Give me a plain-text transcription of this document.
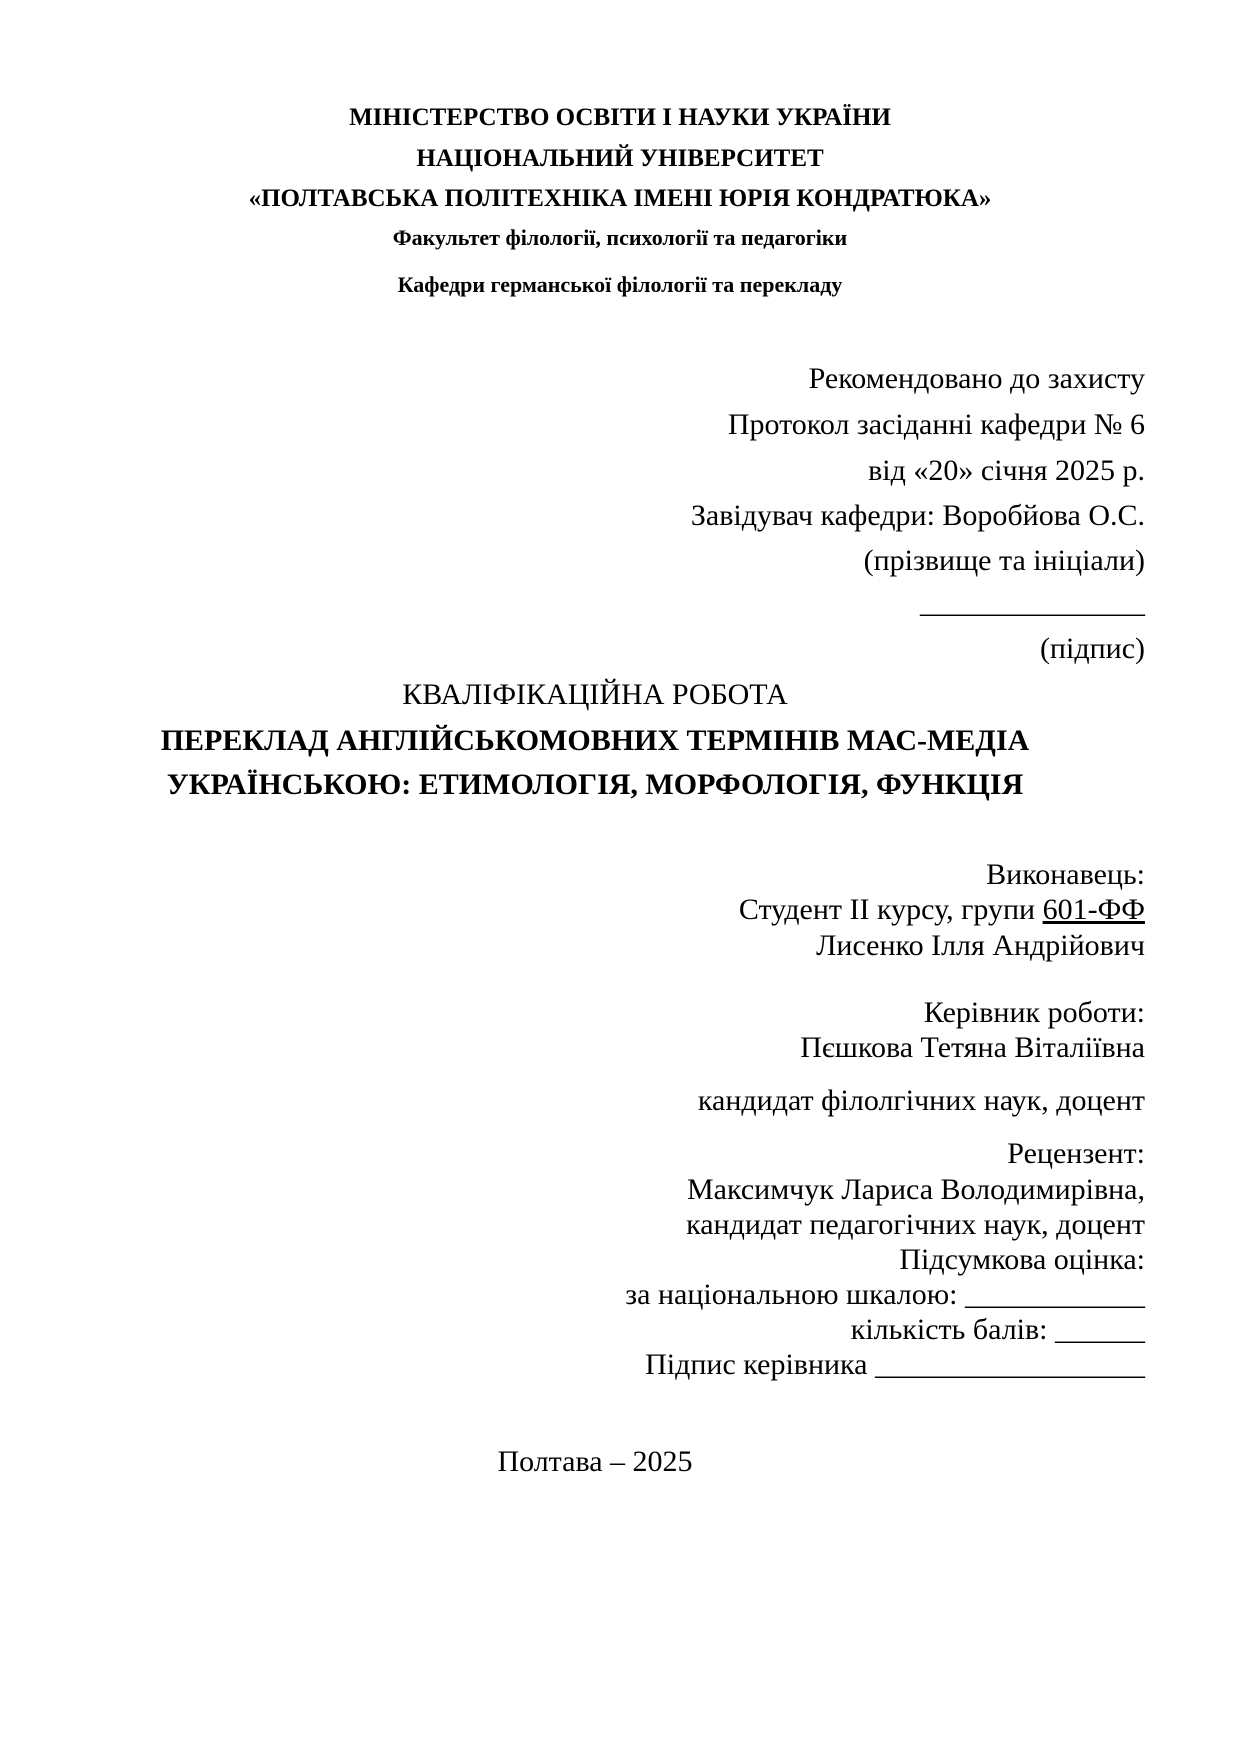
МІНІСТЕРСТВО ОСВІТИ І НАУКИ УКРАЇНИ
НАЦІОНАЛЬНИЙ УНІВЕРСИТЕТ
«ПОЛТАВСЬКА ПОЛІТЕХНІКА ІМЕНІ ЮРІЯ КОНДРАТЮКА»
Факультет філології, психології та педагогіки
Кафедри германської філології та перекладу
Рекомендовано до захисту
Протокол засіданні кафедри № 6
від «20» січня 2025 р.
Завідувач кафедри: Воробйова О.С.
(прізвище та ініціали)
_______________
(підпис)
КВАЛІФІКАЦІЙНА РОБОТА
ПЕРЕКЛАД АНГЛІЙСЬКОМОВНИХ ТЕРМІНІВ МАС-МЕДІА
УКРАЇНСЬКОЮ: ЕТИМОЛОГІЯ, МОРФОЛОГІЯ, ФУНКЦІЯ
Виконавець:
Студент ІІ курсу, групи 601-ФФ
Лисенко Ілля Андрійович
Керівник роботи:
Пєшкова Тетяна Віталіївна
кандидат філолгічних наук, доцент
Рецензент:
Максимчук Лариса Володимирівна,
кандидат педагогічних наук, доцент
Підсумкова оцінка:
за національною шкалою: ____________
кількість балів: ______
Підпис керівника __________________
Полтава – 2025
